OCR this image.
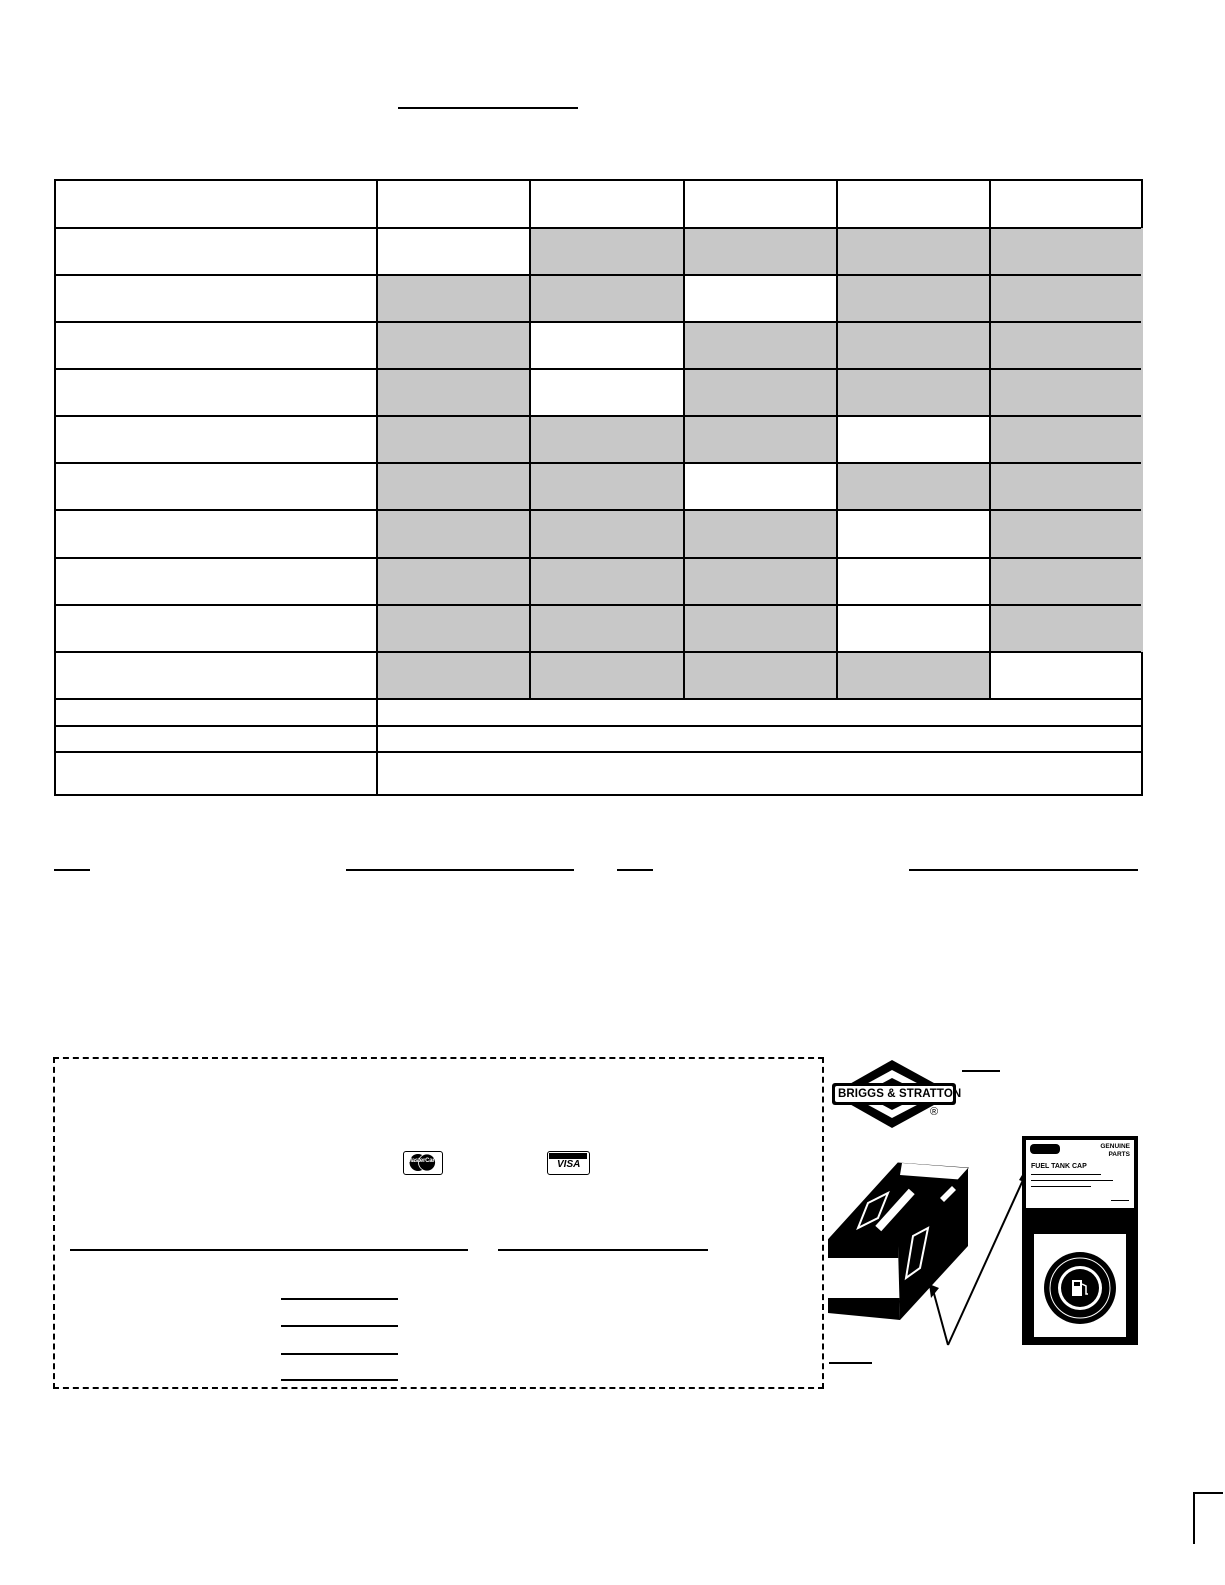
MasterCard	VISA
BRIGGS & STRATTON
®
GENUINE PARTS
FUEL TANK CAP
